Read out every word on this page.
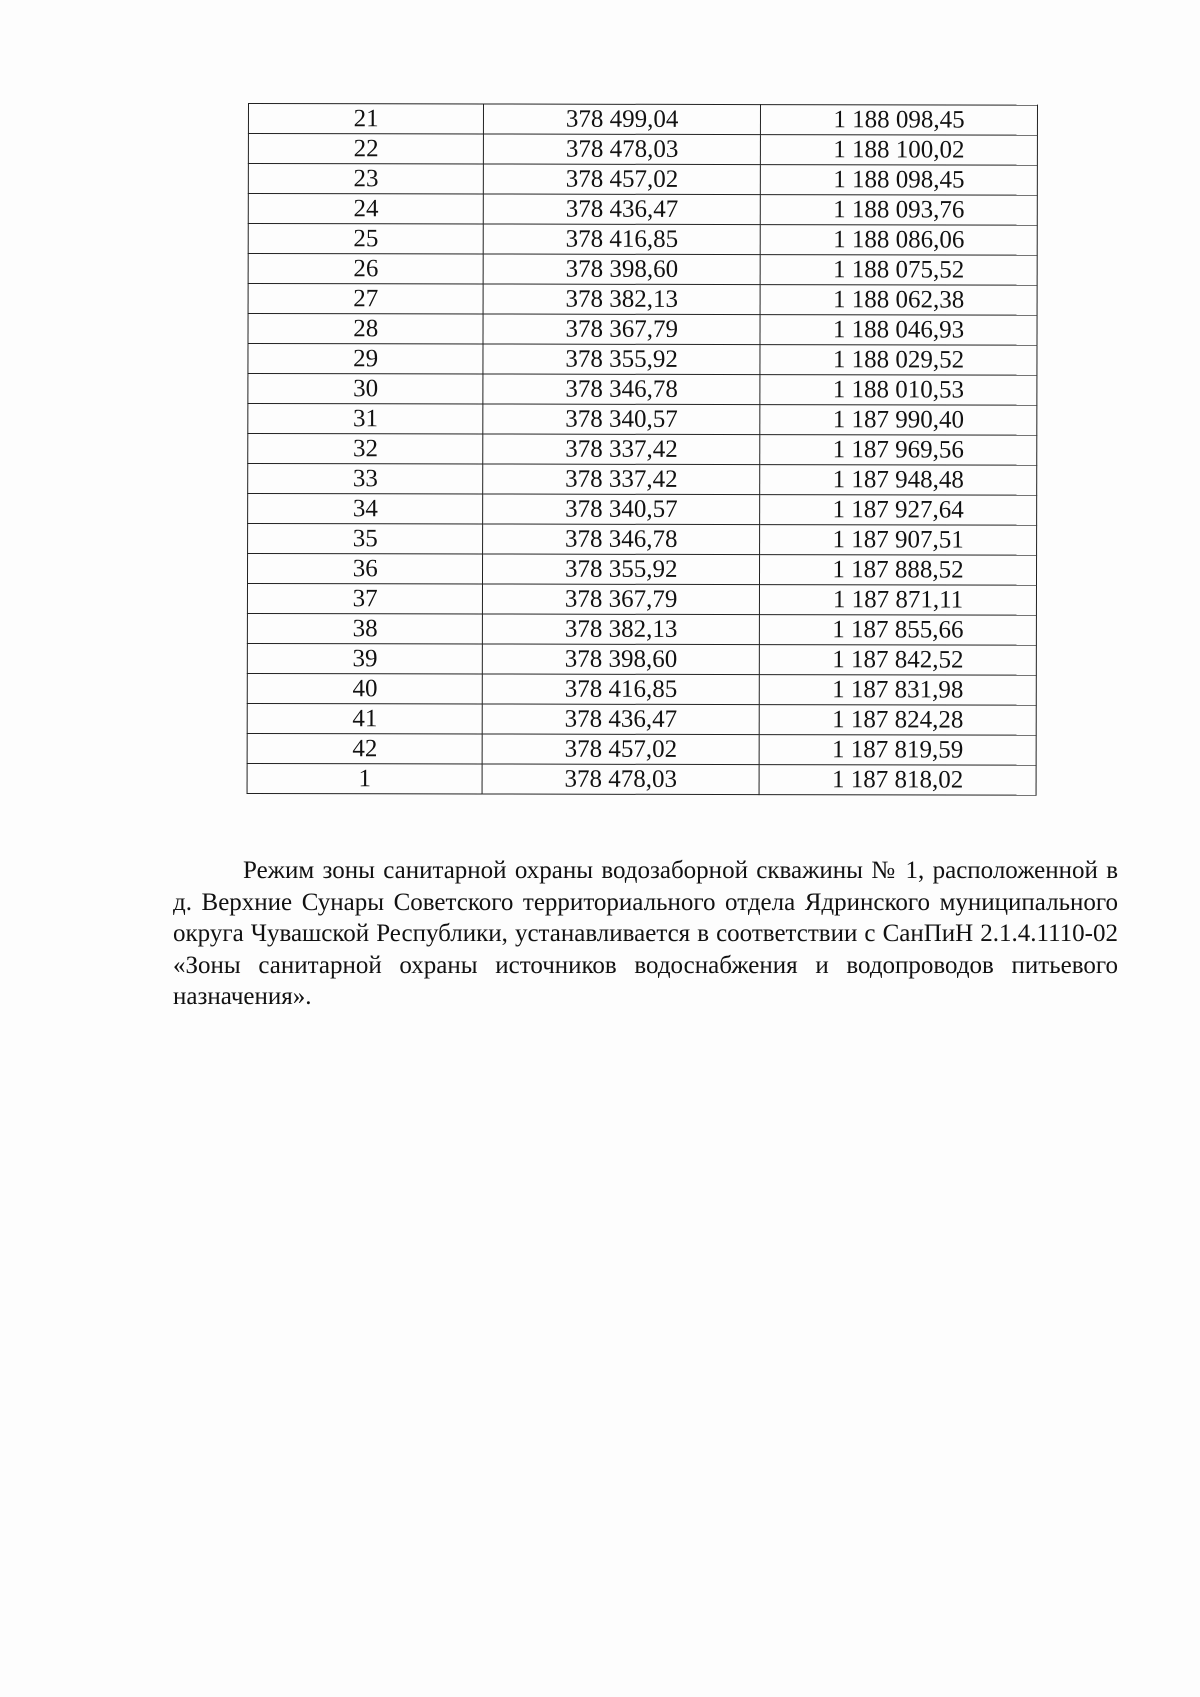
21	378 499,04	1 188 098,45
22	378 478,03	1 188 100,02
23	378 457,02	1 188 098,45
24	378 436,47	1 188 093,76
25	378 416,85	1 188 086,06
26	378 398,60	1 188 075,52
27	378 382,13	1 188 062,38
28	378 367,79	1 188 046,93
29	378 355,92	1 188 029,52
30	378 346,78	1 188 010,53
31	378 340,57	1 187 990,40
32	378 337,42	1 187 969,56
33	378 337,42	1 187 948,48
34	378 340,57	1 187 927,64
35	378 346,78	1 187 907,51
36	378 355,92	1 187 888,52
37	378 367,79	1 187 871,11
38	378 382,13	1 187 855,66
39	378 398,60	1 187 842,52
40	378 416,85	1 187 831,98
41	378 436,47	1 187 824,28
42	378 457,02	1 187 819,59
1	378 478,03	1 187 818,02

Режим зоны санитарной охраны водозаборной скважины № 1, расположенной в д. Верхние Сунары Советского территориального отдела Ядринского муниципального округа Чувашской Республики, устанавливается в соответствии с СанПиН 2.1.4.1110-02 «Зоны санитарной охраны источников водоснабжения и водопроводов питьевого назначения».
